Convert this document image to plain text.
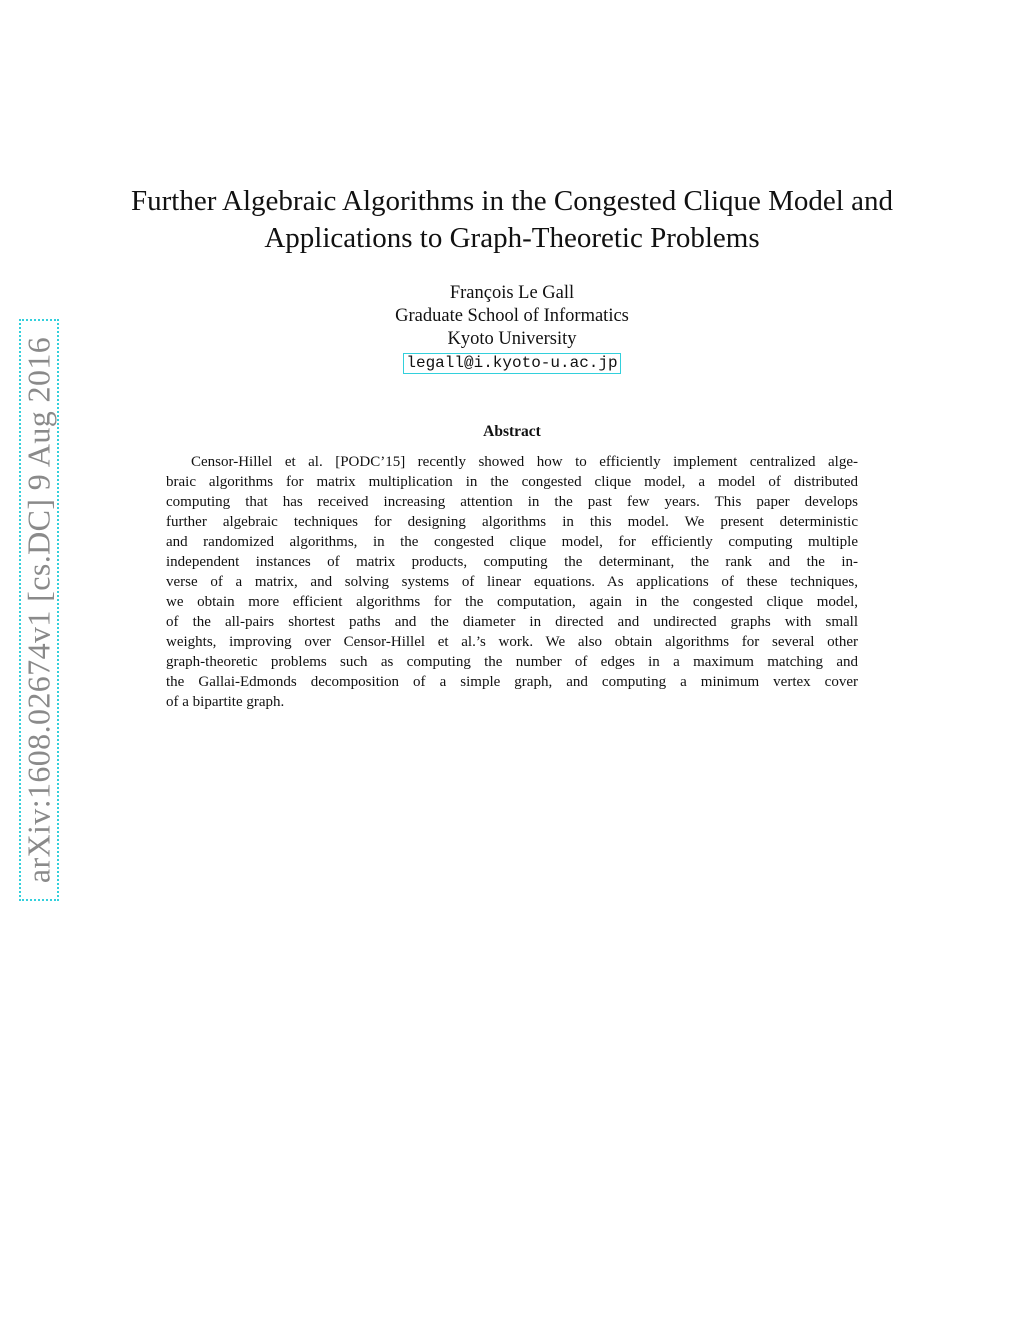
arXiv:1608.02674v1 [cs.DC] 9 Aug 2016
Further Algebraic Algorithms in the Congested Clique Model and
Applications to Graph-Theoretic Problems
François Le Gall
Graduate School of Informatics
Kyoto University
legall@i.kyoto-u.ac.jp
Abstract
Censor-Hillel et al. [PODC’15] recently showed how to efficiently implement centralized alge-
braic algorithms for matrix multiplication in the congested clique model, a model of distributed
computing that has received increasing attention in the past few years. This paper develops
further algebraic techniques for designing algorithms in this model. We present deterministic
and randomized algorithms, in the congested clique model, for efficiently computing multiple
independent instances of matrix products, computing the determinant, the rank and the in-
verse of a matrix, and solving systems of linear equations. As applications of these techniques,
we obtain more efficient algorithms for the computation, again in the congested clique model,
of the all-pairs shortest paths and the diameter in directed and undirected graphs with small
weights, improving over Censor-Hillel et al.’s work. We also obtain algorithms for several other
graph-theoretic problems such as computing the number of edges in a maximum matching and
the Gallai-Edmonds decomposition of a simple graph, and computing a minimum vertex cover
of a bipartite graph.
